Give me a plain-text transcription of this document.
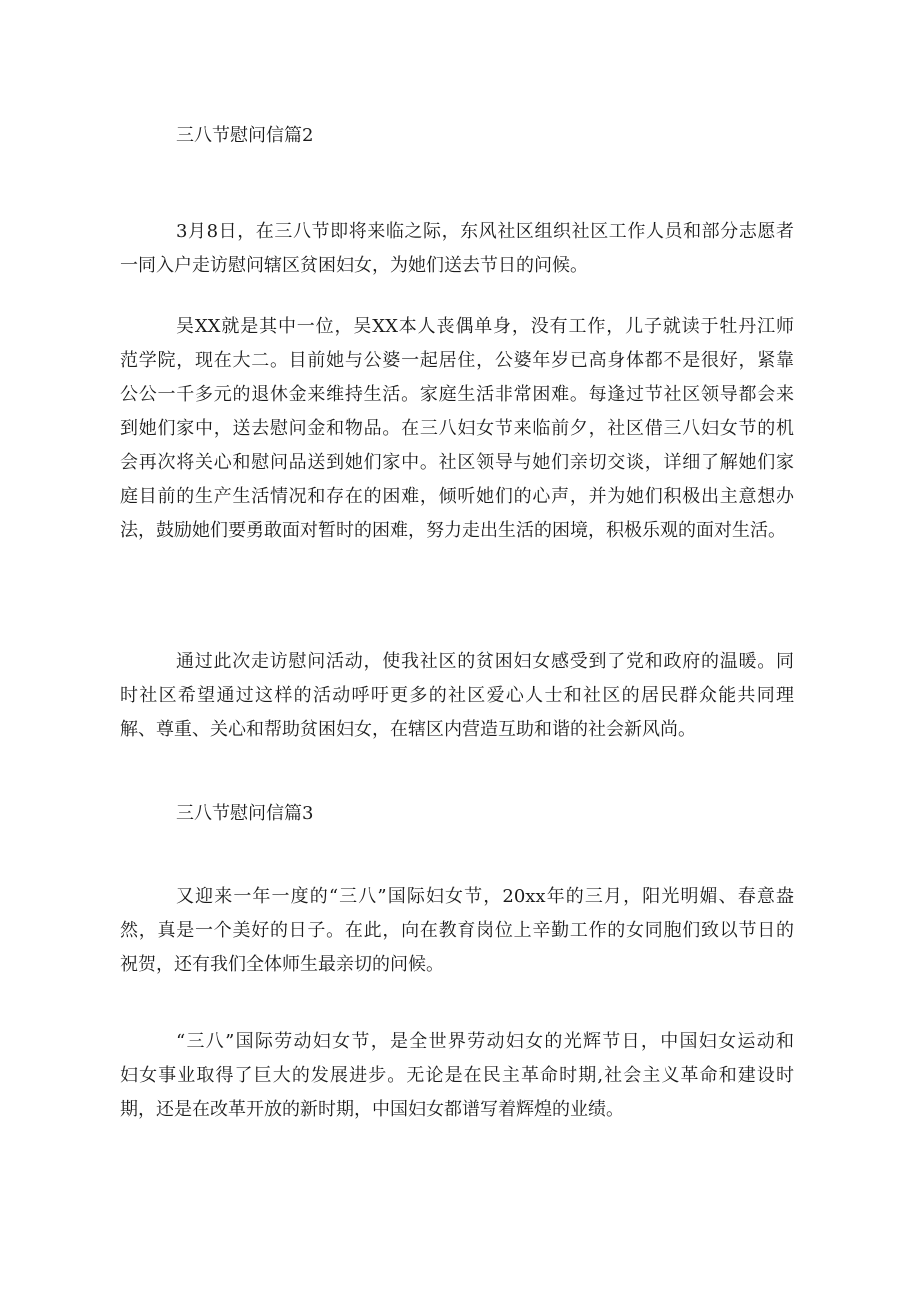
三八节慰问信篇2
3月8日，在三八节即将来临之际，东风社区组织社区工作人员和部分志愿者
一同入户走访慰问辖区贫困妇女，为她们送去节日的问候。
吴XX就是其中一位，吴XX本人丧偶单身，没有工作，儿子就读于牡丹江师
范学院，现在大二。目前她与公婆一起居住，公婆年岁已高身体都不是很好，紧靠
公公一千多元的退休金来维持生活。家庭生活非常困难。每逢过节社区领导都会来
到她们家中，送去慰问金和物品。在三八妇女节来临前夕，社区借三八妇女节的机
会再次将关心和慰问品送到她们家中。社区领导与她们亲切交谈，详细了解她们家
庭目前的生产生活情况和存在的困难，倾听她们的心声，并为她们积极出主意想办
法，鼓励她们要勇敢面对暂时的困难，努力走出生活的困境，积极乐观的面对生活。
通过此次走访慰问活动，使我社区的贫困妇女感受到了党和政府的温暖。同
时社区希望通过这样的活动呼吁更多的社区爱心人士和社区的居民群众能共同理
解、尊重、关心和帮助贫困妇女，在辖区内营造互助和谐的社会新风尚。
三八节慰问信篇3
又迎来一年一度的“三八”国际妇女节，20xx年的三月，阳光明媚、春意盎
然，真是一个美好的日子。在此，向在教育岗位上辛勤工作的女同胞们致以节日的
祝贺，还有我们全体师生最亲切的问候。
“三八”国际劳动妇女节，是全世界劳动妇女的光辉节日，中国妇女运动和
妇女事业取得了巨大的发展进步。无论是在民主革命时期,社会主义革命和建设时
期，还是在改革开放的新时期，中国妇女都谱写着辉煌的业绩。
